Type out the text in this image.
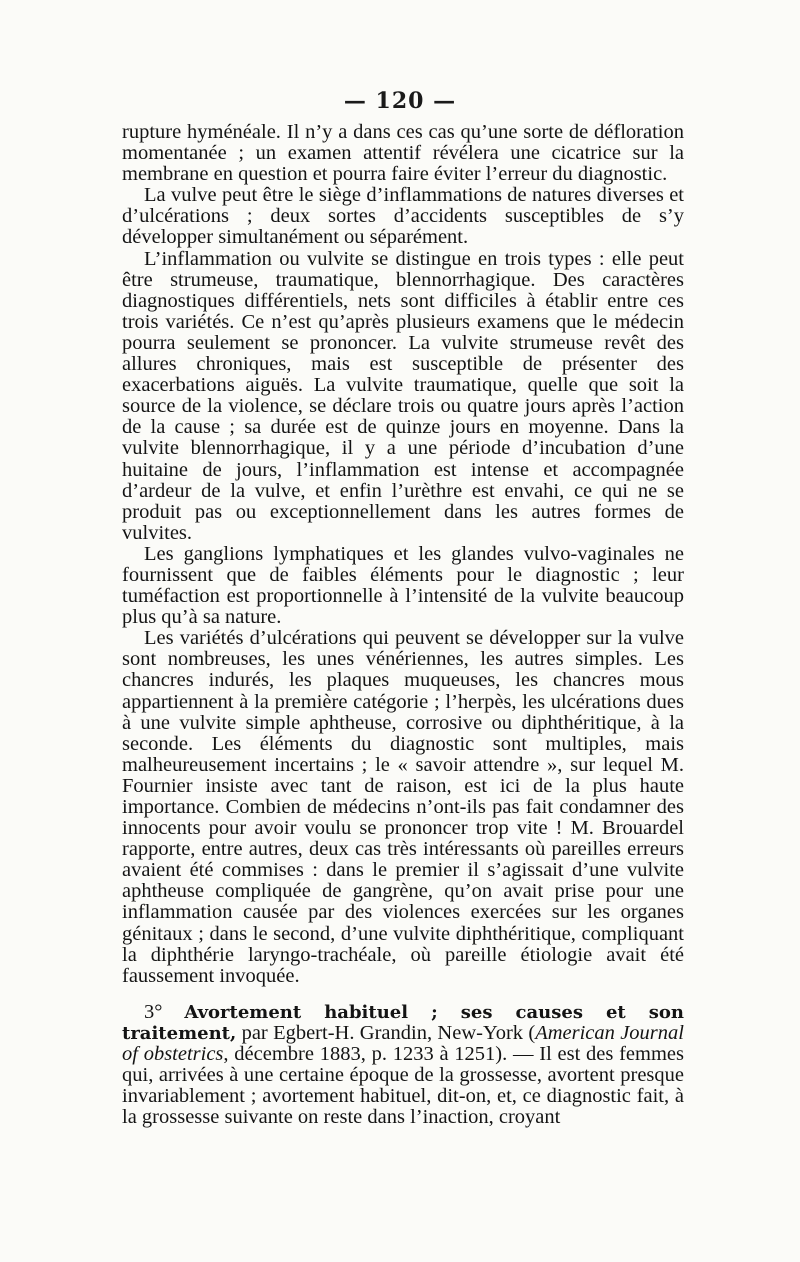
— 120 —

rupture hyménéale. Il n’y a dans ces cas qu’une sorte de défloration momentanée ; un examen attentif révélera une cicatrice sur la membrane en question et pourra faire éviter l’erreur du diagnostic.

La vulve peut être le siège d’inflammations de natures diverses et d’ulcérations ; deux sortes d’accidents susceptibles de s’y développer simultanément ou séparément.

L’inflammation ou vulvite se distingue en trois types : elle peut être strumeuse, traumatique, blennorrhagique. Des caractères diagnostiques différentiels, nets sont difficiles à établir entre ces trois variétés. Ce n’est qu’après plusieurs examens que le médecin pourra seulement se prononcer. La vulvite strumeuse revêt des allures chroniques, mais est susceptible de présenter des exacerbations aiguës. La vulvite traumatique, quelle que soit la source de la violence, se déclare trois ou quatre jours après l’action de la cause ; sa durée est de quinze jours en moyenne. Dans la vulvite blennorrhagique, il y a une période d’incubation d’une huitaine de jours, l’inflammation est intense et accompagnée d’ardeur de la vulve, et enfin l’urèthre est envahi, ce qui ne se produit pas ou exceptionnellement dans les autres formes de vulvites.

Les ganglions lymphatiques et les glandes vulvo-vaginales ne fournissent que de faibles éléments pour le diagnostic ; leur tuméfaction est proportionnelle à l’intensité de la vulvite beaucoup plus qu’à sa nature.

Les variétés d’ulcérations qui peuvent se développer sur la vulve sont nombreuses, les unes vénériennes, les autres simples. Les chancres indurés, les plaques muqueuses, les chancres mous appartiennent à la première catégorie ; l’herpès, les ulcérations dues à une vulvite simple aphtheuse, corrosive ou diphthéritique, à la seconde. Les éléments du diagnostic sont multiples, mais malheureusement incertains ; le « savoir attendre », sur lequel M. Fournier insiste avec tant de raison, est ici de la plus haute importance. Combien de médecins n’ont-ils pas fait condamner des innocents pour avoir voulu se prononcer trop vite ! M. Brouardel rapporte, entre autres, deux cas très intéressants où pareilles erreurs avaient été commises : dans le premier il s’agissait d’une vulvite aphtheuse compliquée de gangrène, qu’on avait prise pour une inflammation causée par des violences exercées sur les organes génitaux ; dans le second, d’une vulvite diphthéritique, compliquant la diphthérie laryngo-trachéale, où pareille étiologie avait été faussement invoquée.

3° Avortement habituel ; ses causes et son traitement, par Egbert-H. Grandin, New-York (American Journal of obstetrics, décembre 1883, p. 1233 à 1251). — Il est des femmes qui, arrivées à une certaine époque de la grossesse, avortent presque invariablement ; avortement habituel, dit-on, et, ce diagnostic fait, à la grossesse suivante on reste dans l’inaction, croyant
